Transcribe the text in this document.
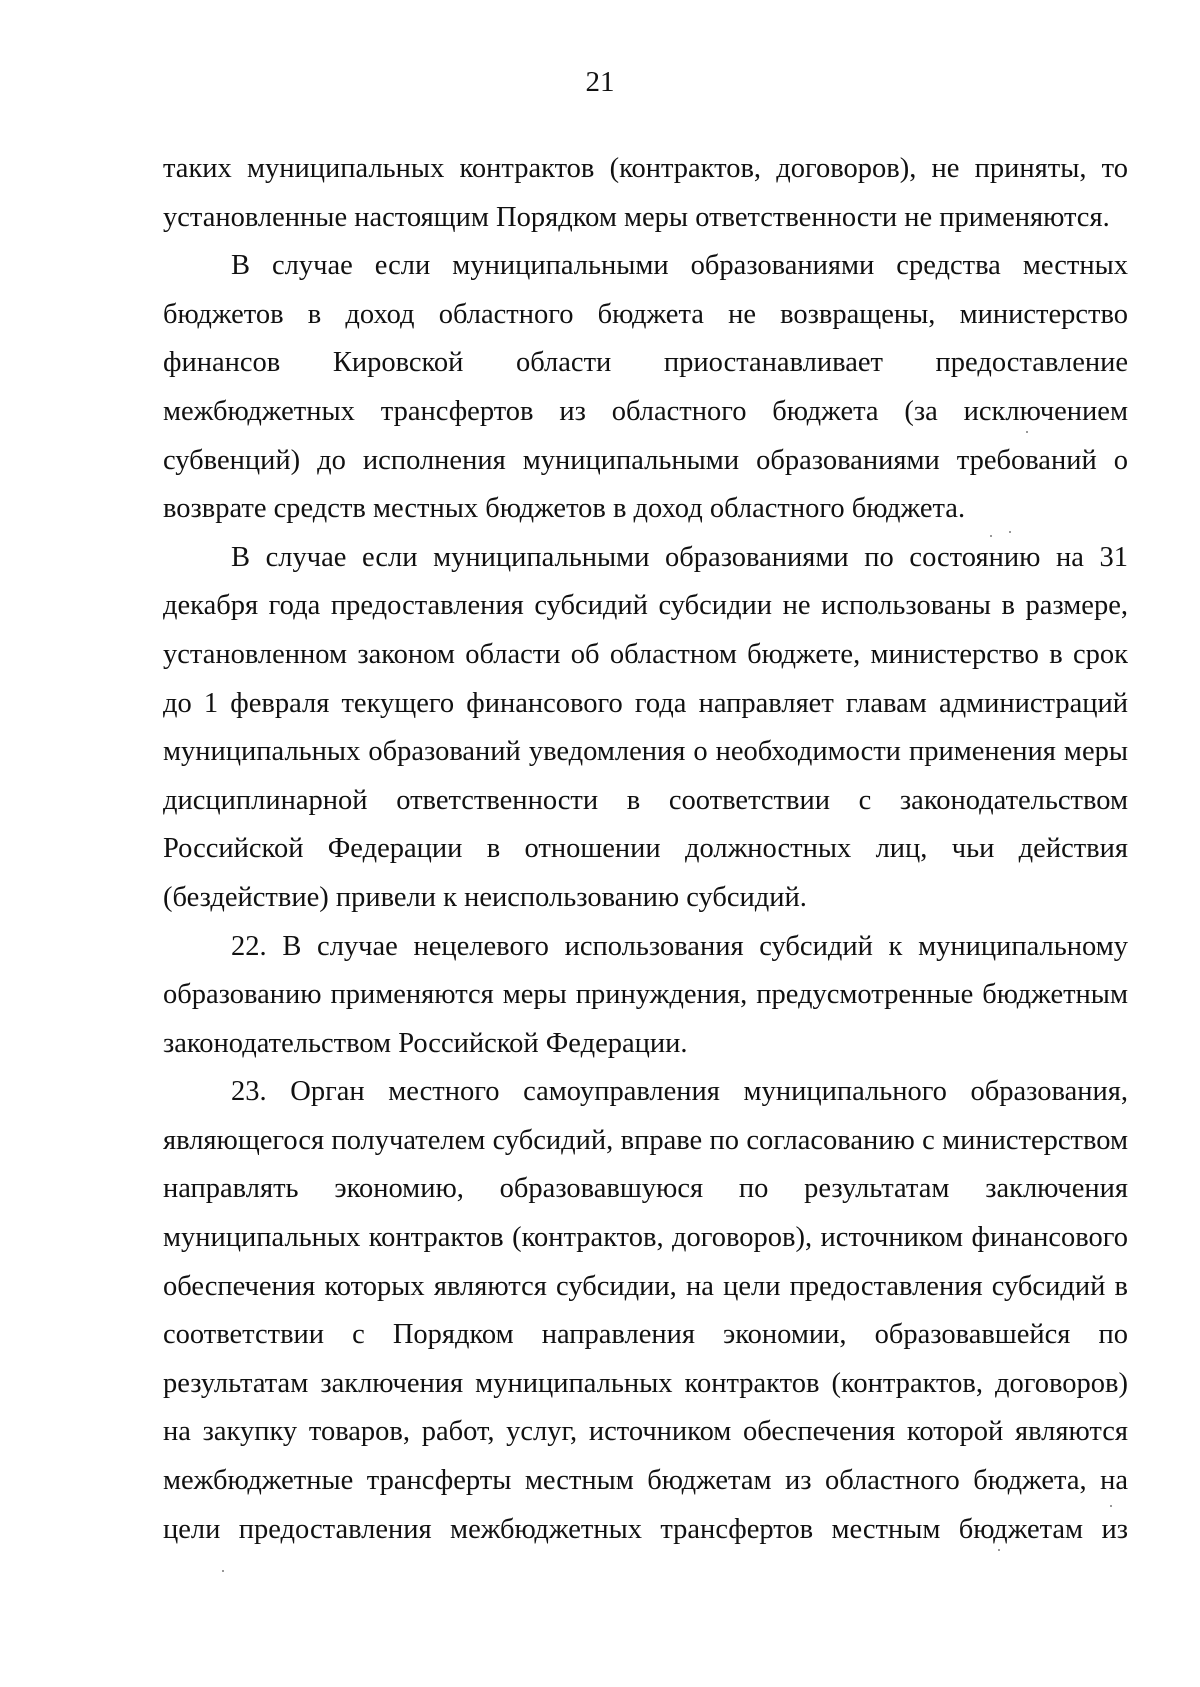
21

таких муниципальных контрактов (контрактов, договоров), не приняты, то установленные настоящим Порядком меры ответственности не применяются.

В случае если муниципальными образованиями средства местных бюджетов в доход областного бюджета не возвращены, министерство финансов Кировской области приостанавливает предоставление межбюджетных трансфертов из областного бюджета (за исключением субвенций) до исполнения муниципальными образованиями требований о возврате средств местных бюджетов в доход областного бюджета.

В случае если муниципальными образованиями по состоянию на 31 декабря года предоставления субсидий субсидии не использованы в размере, установленном законом области об областном бюджете, министерство в срок до 1 февраля текущего финансового года направляет главам администраций муниципальных образований уведомления о необходимости применения меры дисциплинарной ответственности в соответствии с законодательством Российской Федерации в отношении должностных лиц, чьи действия (бездействие) привели к неиспользованию субсидий.

22. В случае нецелевого использования субсидий к муниципальному образованию применяются меры принуждения, предусмотренные бюджетным законодательством Российской Федерации.

23. Орган местного самоуправления муниципального образования, являющегося получателем субсидий, вправе по согласованию с министерством направлять экономию, образовавшуюся по результатам заключения муниципальных контрактов (контрактов, договоров), источником финансового обеспечения которых являются субсидии, на цели предоставления субсидий в соответствии с Порядком направления экономии, образовавшейся по результатам заключения муниципальных контрактов (контрактов, договоров) на закупку товаров, работ, услуг, источником обеспечения которой являются межбюджетные трансферты местным бюджетам из областного бюджета, на цели предоставления межбюджетных трансфертов местным бюджетам из
